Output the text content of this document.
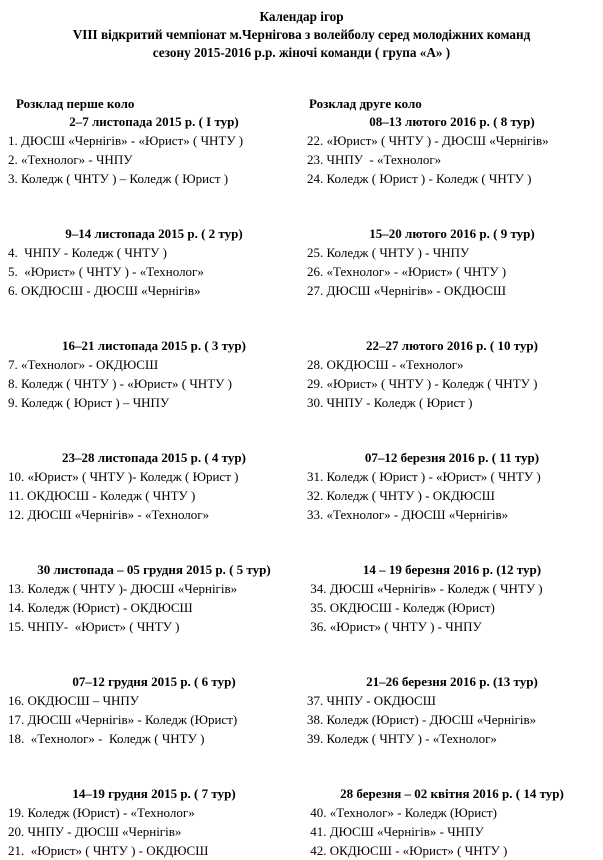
Календар ігор
VIII відкритий чемпіонат м.Чернігова з волейболу серед молодіжних команд
сезону 2015-2016 р.р. жіночі команди ( група «А» )
Розклад перше коло
2–7 листопада 2015 р. ( I тур)
1. ДЮСШ «Чернігів» - «Юрист» ( ЧНТУ )
2. «Технолог» - ЧНПУ
3. Коледж ( ЧНТУ ) – Коледж ( Юрист )
9–14 листопада 2015 р. ( 2 тур)
4.  ЧНПУ - Коледж ( ЧНТУ )
5.  «Юрист» ( ЧНТУ ) - «Технолог»
6. ОКДЮСШ - ДЮСШ «Чернігів»
16–21 листопада 2015 р. ( 3 тур)
7. «Технолог» - ОКДЮСШ
8. Коледж ( ЧНТУ ) - «Юрист» ( ЧНТУ )
9. Коледж ( Юрист ) – ЧНПУ
23–28 листопада 2015 р. ( 4 тур)
10. «Юрист» ( ЧНТУ )- Коледж ( Юрист )
11. ОКДЮСШ - Коледж ( ЧНТУ )
12. ДЮСШ «Чернігів» - «Технолог»
30 листопада – 05 грудня 2015 р. ( 5 тур)
13. Коледж ( ЧНТУ )- ДЮСШ «Чернігів»
14. Коледж (Юрист) - ОКДЮСШ
15. ЧНПУ-  «Юрист» ( ЧНТУ )
07–12 грудня 2015 р. ( 6 тур)
16. ОКДЮСШ – ЧНПУ
17. ДЮСШ «Чернігів» - Коледж (Юрист)
18.  «Технолог» -  Коледж ( ЧНТУ )
14–19 грудня 2015 р. ( 7 тур)
19. Коледж (Юрист) - «Технолог»
20. ЧНПУ - ДЮСШ «Чернігів»
21.  «Юрист» ( ЧНТУ ) - ОКДЮСШ
Розклад друге коло
08–13 лютого 2016 р. ( 8 тур)
22. «Юрист» ( ЧНТУ ) - ДЮСШ «Чернігів»
23. ЧНПУ  - «Технолог»
24. Коледж ( Юрист ) - Коледж ( ЧНТУ )
15–20 лютого 2016 р. ( 9 тур)
25. Коледж ( ЧНТУ ) - ЧНПУ
26. «Технолог» - «Юрист» ( ЧНТУ )
27. ДЮСШ «Чернігів» - ОКДЮСШ
22–27 лютого 2016 р. ( 10 тур)
28. ОКДЮСШ - «Технолог»
29. «Юрист» ( ЧНТУ ) - Коледж ( ЧНТУ )
30. ЧНПУ - Коледж ( Юрист )
07–12 березня 2016 р. ( 11 тур)
31. Коледж ( Юрист ) - «Юрист» ( ЧНТУ )
32. Коледж ( ЧНТУ ) - ОКДЮСШ
33. «Технолог» - ДЮСШ «Чернігів»
14 – 19 березня 2016 р. (12 тур)
34. ДЮСШ «Чернігів» - Коледж ( ЧНТУ )
35. ОКДЮСШ - Коледж (Юрист)
36. «Юрист» ( ЧНТУ ) - ЧНПУ
21–26 березня 2016 р. (13 тур)
37. ЧНПУ - ОКДЮСШ
38. Коледж (Юрист) - ДЮСШ «Чернігів»
39. Коледж ( ЧНТУ ) - «Технолог»
28 березня – 02 квітня 2016 р. ( 14 тур)
40. «Технолог» - Коледж (Юрист)
41. ДЮСШ «Чернігів» - ЧНПУ
42. ОКДЮСШ - «Юрист» ( ЧНТУ )
